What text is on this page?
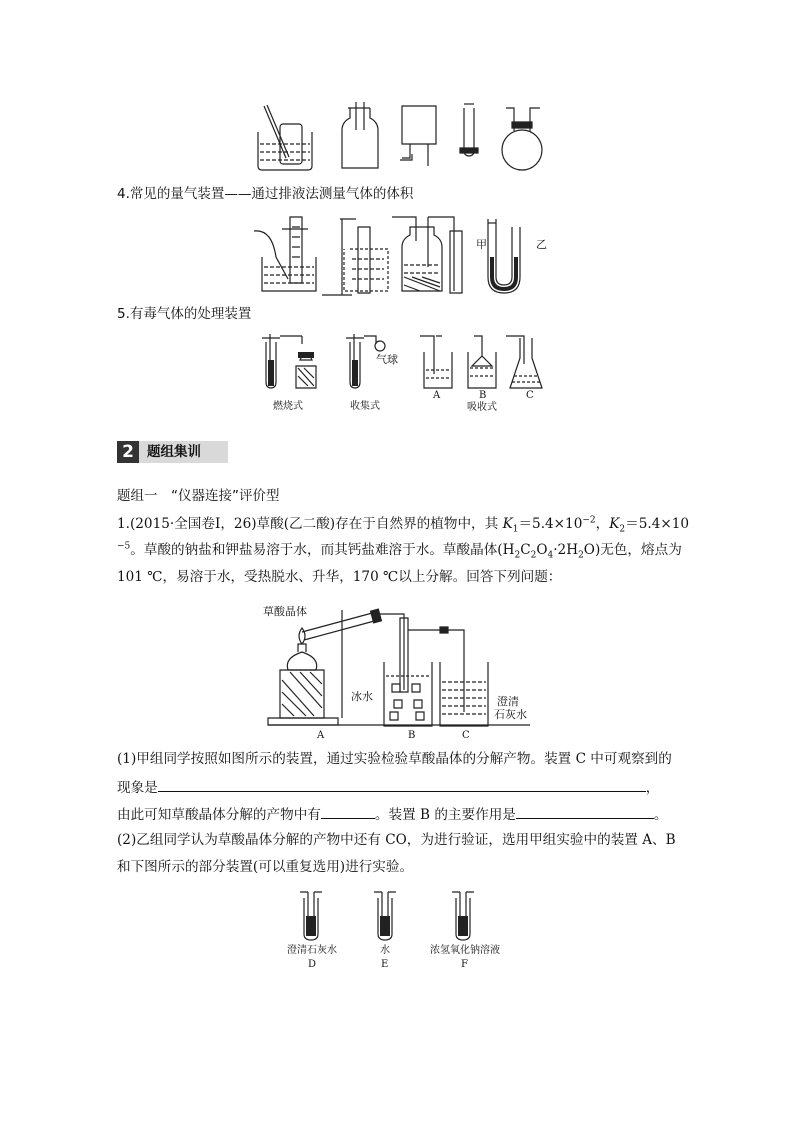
4.常见的量气装置——通过排液法测量气体的体积
甲	乙
5.有毒气体的处理装置
气球
燃烧式	收集式
A	B	C
吸收式
2 题组集训
题组一　“仪器连接”评价型
1.(2015·全国卷Ⅰ，26)草酸(乙二酸)存在于自然界的植物中，其 $K_1=5.4\times 10^{-2}$，$K_2=5.4\times 10$
$^{-5}$。草酸的钠盐和钾盐易溶于水，而其钙盐难溶于水。草酸晶体$(H_2C_2O_4\cdot 2H_2O)$无色，熔点为
101 ℃，易溶于水，受热脱水、升华，170 ℃以上分解。回答下列问题：
草酸晶体
冰水	澄清
石灰水
A	B	C
(1)甲组同学按照如图所示的装置，通过实验检验草酸晶体的分解产物。装置 C 中可观察到的
现象是	，
由此可知草酸晶体分解的产物中有	。装置 B 的主要作用是	。
(2)乙组同学认为草酸晶体分解的产物中还有 CO，为进行验证，选用甲组实验中的装置 A、B
和下图所示的部分装置(可以重复选用)进行实验。
澄清石灰水
D
水
E
浓氢氧化钠溶液
F
